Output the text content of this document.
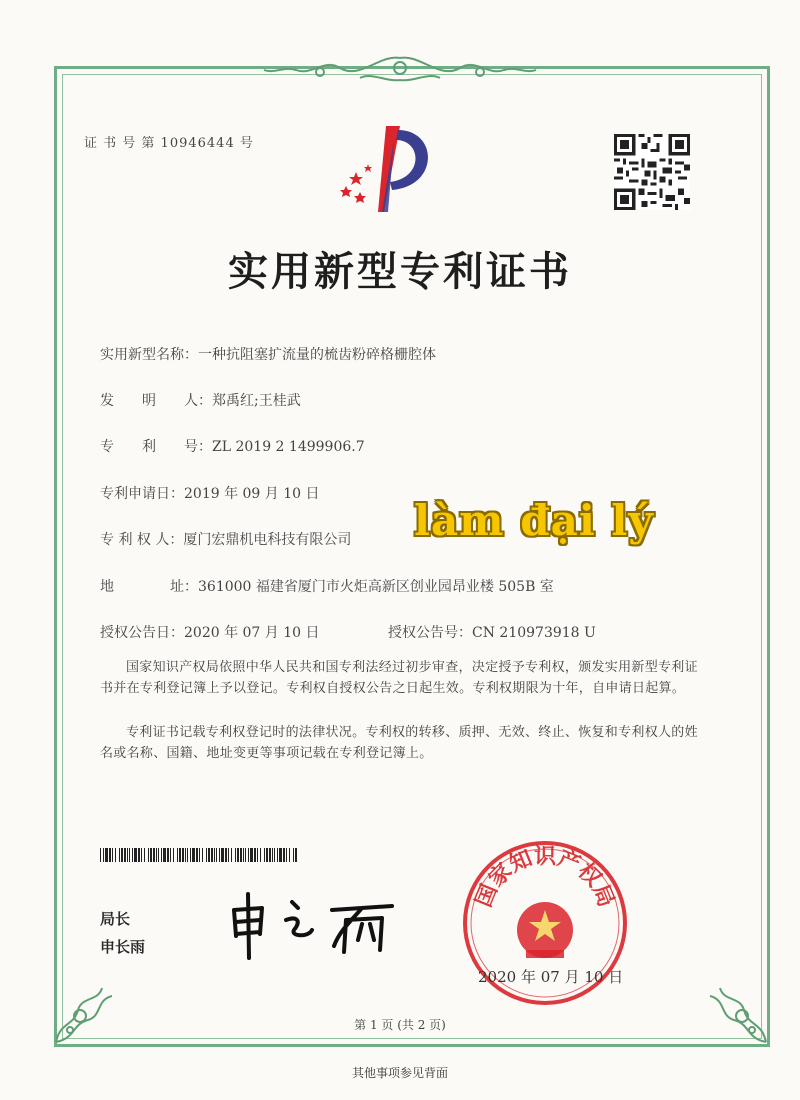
证 书 号 第 10946444 号
实用新型专利证书
实用新型名称：一种抗阻塞扩流量的梳齿粉碎格栅腔体
发　　明　　人：郑禹红;王桂武
专　　利　　号：ZL 2019 2 1499906.7
专利申请日：2019 年 09 月 10 日
专 利 权 人：厦门宏鼎机电科技有限公司
地　　　　址：361000 福建省厦门市火炬高新区创业园昂业楼 505B 室
授权公告日：2020 年 07 月 10 日	授权公告号：CN 210973918 U
làm đại lý
国家知识产权局依照中华人民共和国专利法经过初步审查，决定授予专利权，颁发实用新型专利证书并在专利登记簿上予以登记。专利权自授权公告之日起生效。专利权期限为十年，自申请日起算。
专利证书记载专利权登记时的法律状况。专利权的转移、质押、无效、终止、恢复和专利权人的姓名或名称、国籍、地址变更等事项记载在专利登记簿上。
局长
申长雨
国家知识产权局
2020 年 07 月 10 日
第 1 页 (共 2 页)
其他事项参见背面
